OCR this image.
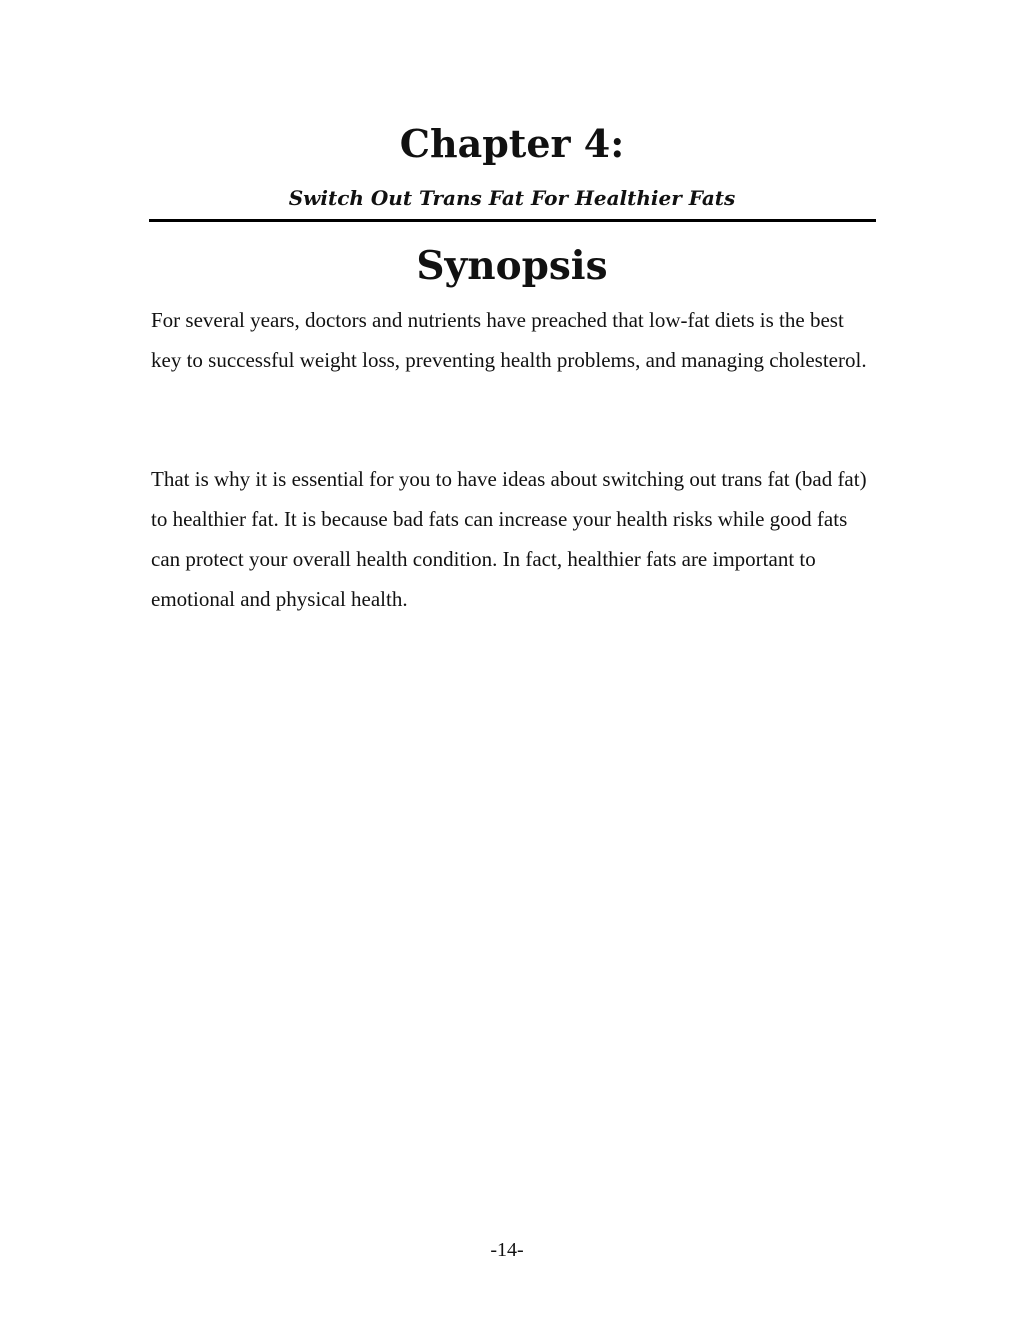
Chapter 4:
Switch Out Trans Fat For Healthier Fats
Synopsis

For several years, doctors and nutrients have preached that low-fat diets is the best key to successful weight loss, preventing health problems, and managing cholesterol.

That is why it is essential for you to have ideas about switching out trans fat (bad fat) to healthier fat. It is because bad fats can increase your health risks while good fats can protect your overall health condition. In fact, healthier fats are important to emotional and physical health.

-14-
